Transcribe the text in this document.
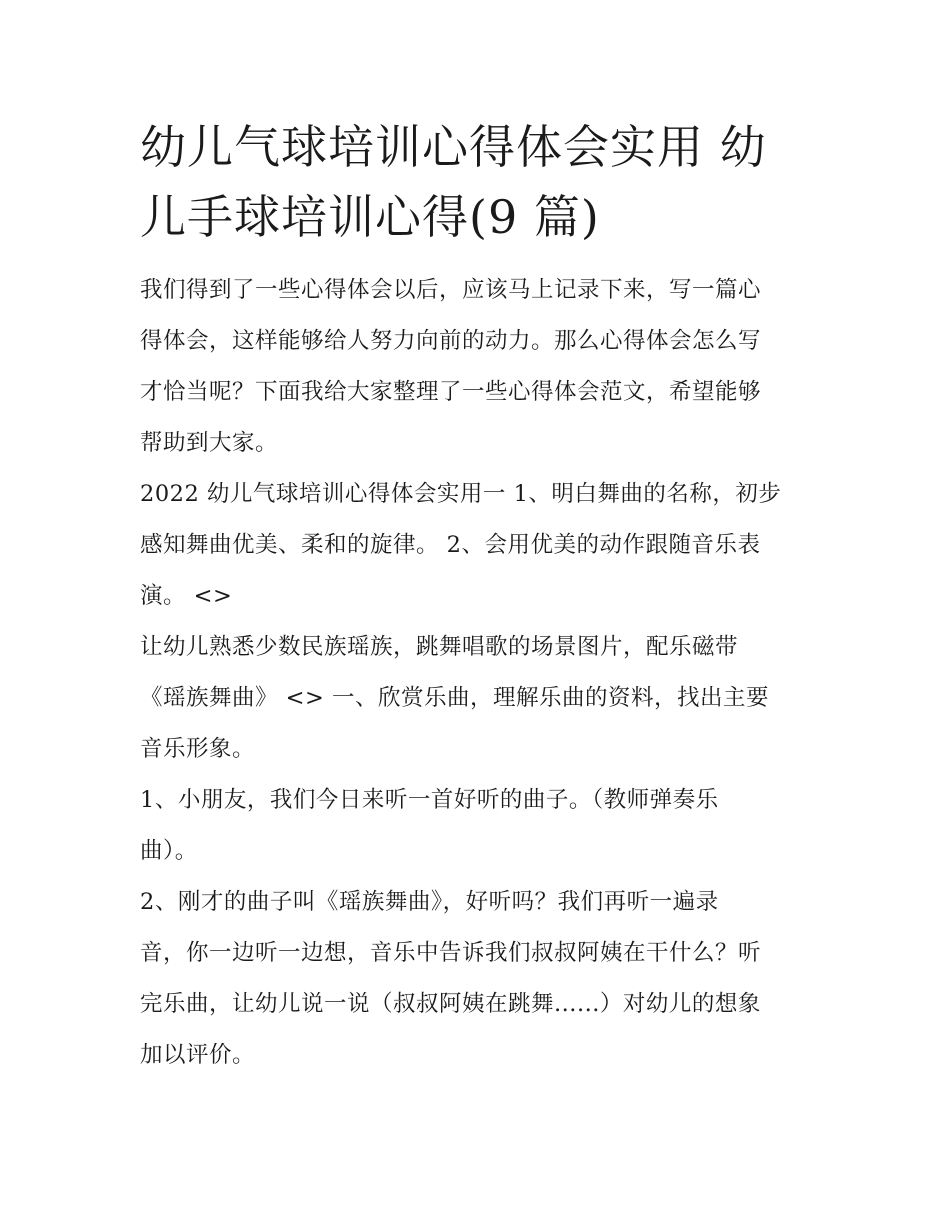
幼儿气球培训心得体会实用 幼
儿手球培训心得(9 篇)

我们得到了一些心得体会以后，应该马上记录下来，写一篇心
得体会，这样能够给人努力向前的动力。那么心得体会怎么写
才恰当呢？下面我给大家整理了一些心得体会范文，希望能够
帮助到大家。

2022 幼儿气球培训心得体会实用一 1、明白舞曲的名称，初步
感知舞曲优美、柔和的旋律。 2、会用优美的动作跟随音乐表
演。 <>

让幼儿熟悉少数民族瑶族，跳舞唱歌的场景图片，配乐磁带
《瑶族舞曲》 <> 一、欣赏乐曲，理解乐曲的资料，找出主要
音乐形象。

1、小朋友，我们今日来听一首好听的曲子。（教师弹奏乐
曲）。

2、刚才的曲子叫《瑶族舞曲》，好听吗？我们再听一遍录
音，你一边听一边想，音乐中告诉我们叔叔阿姨在干什么？听
完乐曲，让幼儿说一说（叔叔阿姨在跳舞......）对幼儿的想象
加以评价。
